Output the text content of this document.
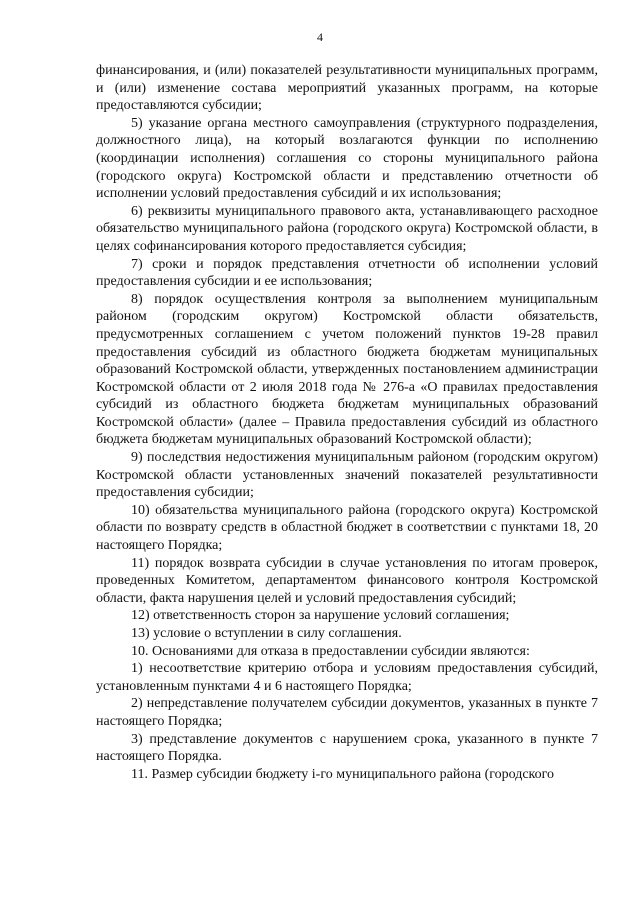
4

финансирования, и (или) показателей результативности муниципальных программ, и (или) изменение состава мероприятий указанных программ, на которые предоставляются субсидии;

5) указание органа местного самоуправления (структурного подразделения, должностного лица), на который возлагаются функции по исполнению (координации исполнения) соглашения со стороны муниципального района (городского округа) Костромской области и представлению отчетности об исполнении условий предоставления субсидий и их использования;

6) реквизиты муниципального правового акта, устанавливающего расходное обязательство муниципального района (городского округа) Костромской области, в целях софинансирования которого предоставляется субсидия;

7) сроки и порядок представления отчетности об исполнении условий предоставления субсидии и ее использования;

8) порядок осуществления контроля за выполнением муниципальным районом (городским округом) Костромской области обязательств, предусмотренных соглашением с учетом положений пунктов 19-28 правил предоставления субсидий из областного бюджета бюджетам муниципальных образований Костромской области, утвержденных постановлением администрации Костромской области от 2 июля 2018 года № 276-а «О правилах предоставления субсидий из областного бюджета бюджетам муниципальных образований Костромской области» (далее – Правила предоставления субсидий из областного бюджета бюджетам муниципальных образований Костромской области);

9) последствия недостижения муниципальным районом (городским округом) Костромской области установленных значений показателей результативности предоставления субсидии;

10) обязательства муниципального района (городского округа) Костромской области по возврату средств в областной бюджет в соответствии с пунктами 18, 20 настоящего Порядка;

11) порядок возврата субсидии в случае установления по итогам проверок, проведенных Комитетом, департаментом финансового контроля Костромской области, факта нарушения целей и условий предоставления субсидий;

12) ответственность сторон за нарушение условий соглашения;

13) условие о вступлении в силу соглашения.

10. Основаниями для отказа в предоставлении субсидии являются:

1) несоответствие критерию отбора и условиям предоставления субсидий, установленным пунктами 4 и 6 настоящего Порядка;

2) непредставление получателем субсидии документов, указанных в пункте 7 настоящего Порядка;

3) представление документов с нарушением срока, указанного в пункте 7 настоящего Порядка.

11. Размер субсидии бюджету i-го муниципального района (городского
